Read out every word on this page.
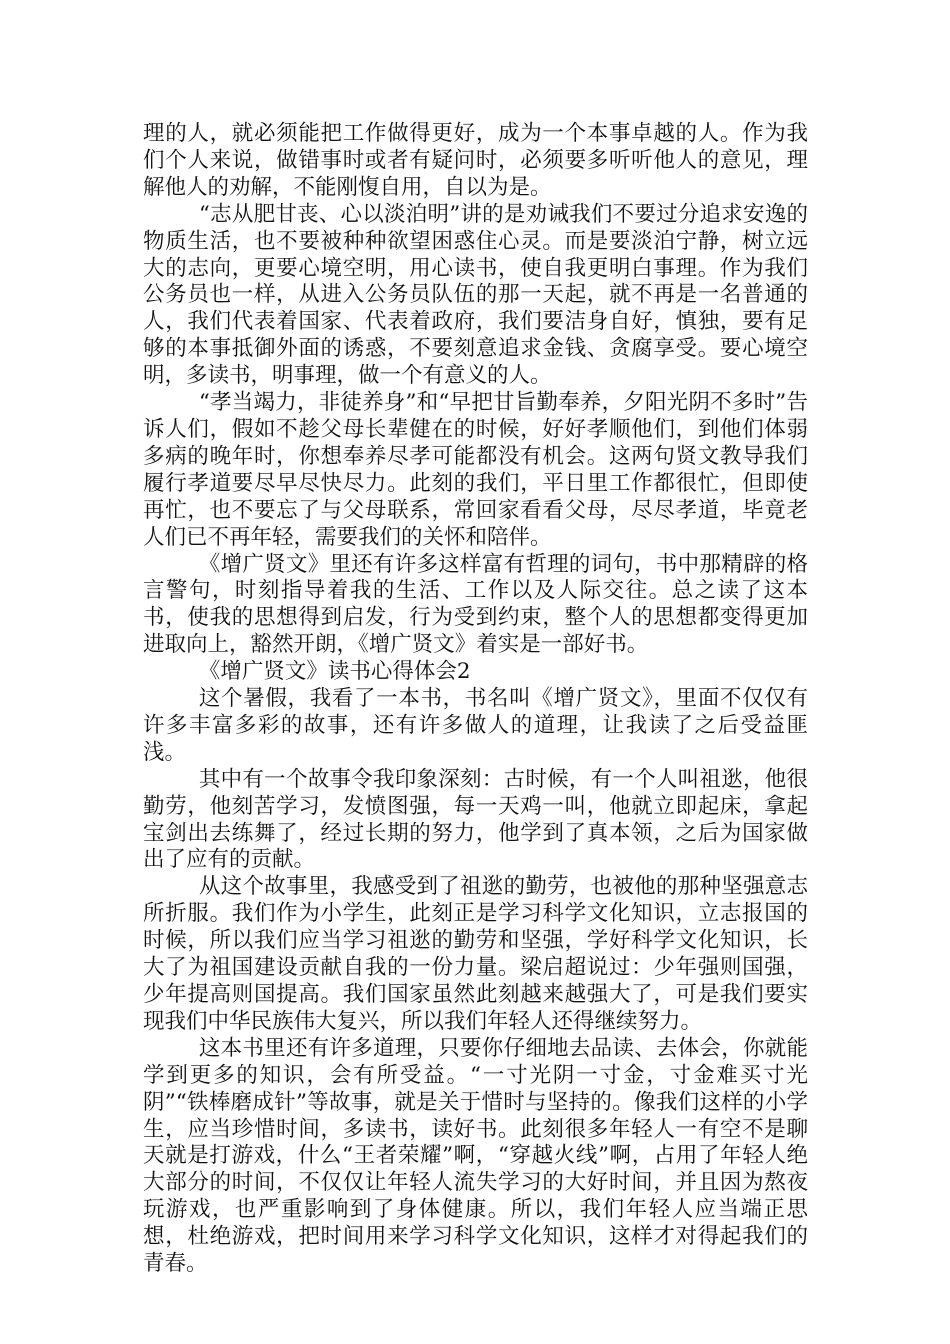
理的人，就必须能把工作做得更好，成为一个本事卓越的人。作为我们个人来说，做错事时或者有疑问时，必须要多听听他人的意见，理解他人的劝解，不能刚愎自用，自以为是。

“志从肥甘丧、心以淡泊明”讲的是劝诫我们不要过分追求安逸的物质生活，也不要被种种欲望困惑住心灵。而是要淡泊宁静，树立远大的志向，更要心境空明，用心读书，使自我更明白事理。作为我们公务员也一样，从进入公务员队伍的那一天起，就不再是一名普通的人，我们代表着国家、代表着政府，我们要洁身自好，慎独，要有足够的本事抵御外面的诱惑，不要刻意追求金钱、贪腐享受。要心境空明，多读书，明事理，做一个有意义的人。

“孝当竭力，非徒养身”和“早把甘旨勤奉养，夕阳光阴不多时”告诉人们，假如不趁父母长辈健在的时候，好好孝顺他们，到他们体弱多病的晚年时，你想奉养尽孝可能都没有机会。这两句贤文教导我们履行孝道要尽早尽快尽力。此刻的我们，平日里工作都很忙，但即使再忙，也不要忘了与父母联系，常回家看看父母，尽尽孝道，毕竟老人们已不再年轻，需要我们的关怀和陪伴。

《增广贤文》里还有许多这样富有哲理的词句，书中那精辟的格言警句，时刻指导着我的生活、工作以及人际交往。总之读了这本书，使我的思想得到启发，行为受到约束，整个人的思想都变得更加进取向上，豁然开朗，《增广贤文》着实是一部好书。

《增广贤文》读书心得体会2

这个暑假，我看了一本书，书名叫《增广贤文》，里面不仅仅有许多丰富多彩的故事，还有许多做人的道理，让我读了之后受益匪浅。

其中有一个故事令我印象深刻：古时候，有一个人叫祖逖，他很勤劳，他刻苦学习，发愤图强，每一天鸡一叫，他就立即起床，拿起宝剑出去练舞了，经过长期的努力，他学到了真本领，之后为国家做出了应有的贡献。

从这个故事里，我感受到了祖逖的勤劳，也被他的那种坚强意志所折服。我们作为小学生，此刻正是学习科学文化知识，立志报国的时候，所以我们应当学习祖逖的勤劳和坚强，学好科学文化知识，长大了为祖国建设贡献自我的一份力量。梁启超说过：少年强则国强，少年提高则国提高。我们国家虽然此刻越来越强大了，可是我们要实现我们中华民族伟大复兴，所以我们年轻人还得继续努力。

这本书里还有许多道理，只要你仔细地去品读、去体会，你就能学到更多的知识，会有所受益。“一寸光阴一寸金，寸金难买寸光阴”“铁棒磨成针”等故事，就是关于惜时与坚持的。像我们这样的小学生，应当珍惜时间，多读书，读好书。此刻很多年轻人一有空不是聊天就是打游戏，什么“王者荣耀”啊，“穿越火线”啊，占用了年轻人绝大部分的时间，不仅仅让年轻人流失学习的大好时间，并且因为熬夜玩游戏，也严重影响到了身体健康。所以，我们年轻人应当端正思想，杜绝游戏，把时间用来学习科学文化知识，这样才对得起我们的青春。
